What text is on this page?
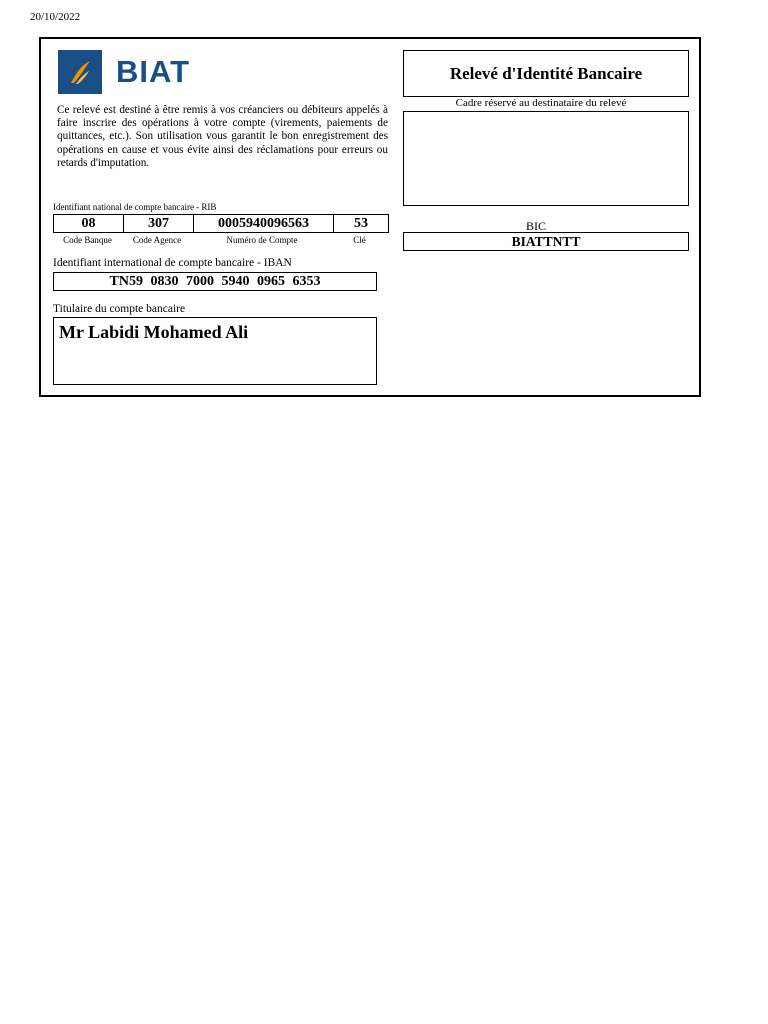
20/10/2022
BIAT
Ce relevé est destiné à être remis à vos créanciers ou débiteurs appelés à faire inscrire des opérations à votre compte (virements, paiements de quittances, etc.). Son utilisation vous garantit le bon enregistrement des opérations en cause et vous évite ainsi des réclamations pour erreurs ou retards d'imputation.
Relevé d'Identité Bancaire
Cadre réservé au destinataire du relevé
Identifiant national de compte bancaire - RIB
08	307	0005940096563	53
Code Banque	Code Agence	Numéro de Compte	Clé
BIC
BIATTNTT
Identifiant international de compte bancaire - IBAN
TN59 0830 7000 5940 0965 6353
Titulaire du compte bancaire
Mr Labidi Mohamed Ali
